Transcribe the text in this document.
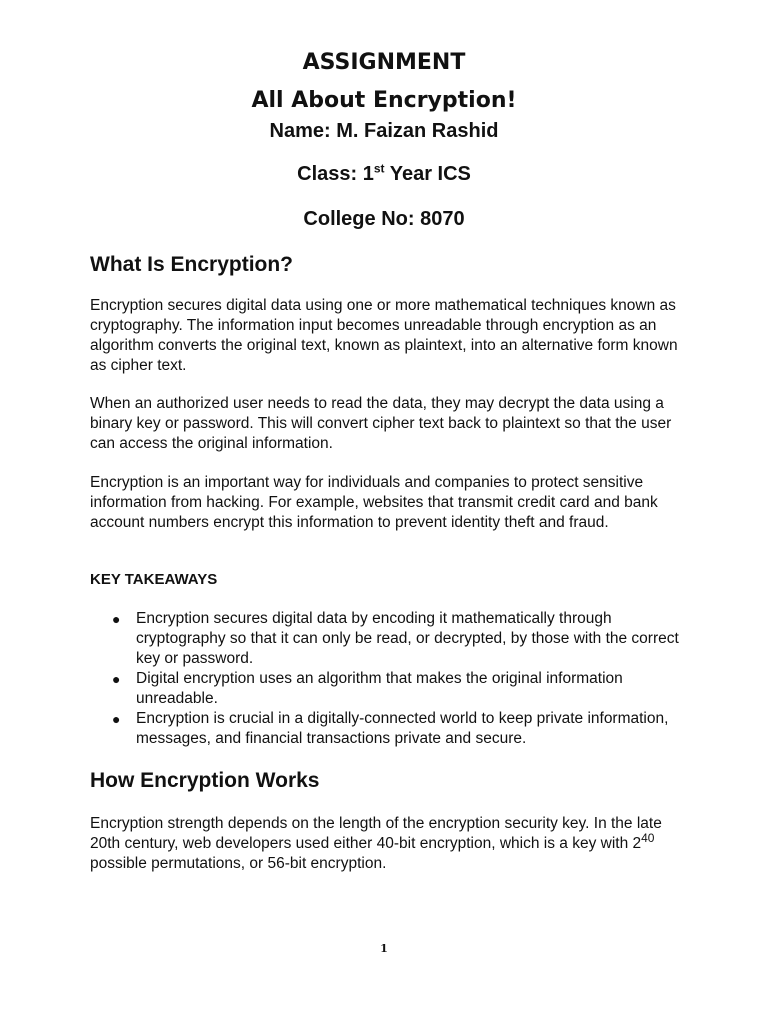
ASSIGNMENT
All About Encryption!
Name: M. Faizan Rashid
Class: 1st Year ICS
College No: 8070
What Is Encryption?
Encryption secures digital data using one or more mathematical techniques known as cryptography. The information input becomes unreadable through encryption as an algorithm converts the original text, known as plaintext, into an alternative form known as cipher text.
When an authorized user needs to read the data, they may decrypt the data using a binary key or password. This will convert cipher text back to plaintext so that the user can access the original information.
Encryption is an important way for individuals and companies to protect sensitive information from hacking. For example, websites that transmit credit card and bank account numbers encrypt this information to prevent identity theft and fraud.
KEY TAKEAWAYS
● Encryption secures digital data by encoding it mathematically through cryptography so that it can only be read, or decrypted, by those with the correct key or password.
● Digital encryption uses an algorithm that makes the original information unreadable.
● Encryption is crucial in a digitally-connected world to keep private information, messages, and financial transactions private and secure.
How Encryption Works
Encryption strength depends on the length of the encryption security key. In the late 20th century, web developers used either 40-bit encryption, which is a key with $2^{40}$ possible permutations, or 56-bit encryption.
1
